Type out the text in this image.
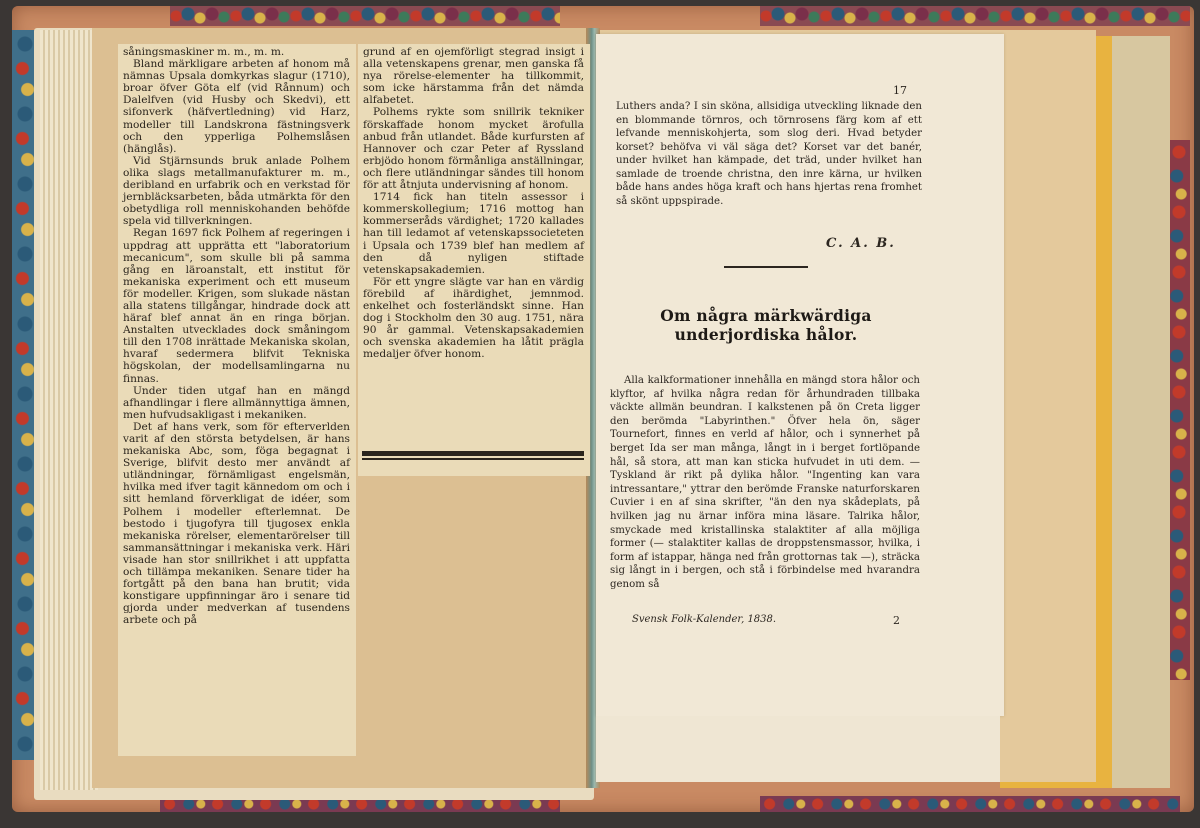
såningsmaskiner m. m., m. m.

Bland märkligare arbeten af honom må nämnas Upsala domkyrkas slagur (1710), broar öfver Göta elf (vid Rånnum) och Dalelfven (vid Husby och Skedvi), ett sifonverk (häfvertledning) vid Harz, modeller till Landskrona fästningsverk och den ypperliga Polhemslåsen (hänglås).

Vid Stjärnsunds bruk anlade Polhem olika slags metallmanufakturer m. m., deribland en urfabrik och en verkstad för jernbläcksarbeten, båda utmärkta för den obetydliga roll menniskohanden behöfde spela vid tillverkningen.

Regan 1697 fick Polhem af regeringen i uppdrag att upprätta ett "laboratorium mecanicum", som skulle bli på samma gång en läroanstalt, ett institut för mekaniska experiment och ett museum för modeller. Krigen, som slukade nästan alla statens tillgångar, hindrade dock att häraf blef annat än en ringa början. Anstalten utvecklades dock småningom till den 1708 inrättade Mekaniska skolan, hvaraf sedermera blifvit Tekniska högskolan, der modellsamlingarna nu finnas.

Under tiden utgaf han en mängd afhandlingar i flere allmännyttiga ämnen, men hufvudsakligast i mekaniken.

Det af hans verk, som för efterverlden varit af den största betydelsen, är hans mekaniska Abc, som, föga begagnat i Sverige, blifvit desto mer användt af utländningar, förnämligast engelsmän, hvilka med ifver tagit kännedom om och i sitt hemland förverkligat de idéer, som Polhem i modeller efterlemnat. De bestodo i tjugofyra till tjugosex enkla mekaniska rörelser, elementarörelser till sammansättningar i mekaniska verk. Häri visade han stor snillrikhet i att uppfatta och tillämpa mekaniken. Senare tider ha fortgått på den bana han brutit; vida konstigare uppfinningar äro i senare tid gjorda under medverkan af tusendens arbete och på

grund af en ojemförligt stegrad insigt i alla vetenskapens grenar, men ganska få nya rörelse-elementer ha tillkommit, som icke härstamma från det nämda alfabetet.

Polhems rykte som snillrik tekniker förskaffade honom mycket ärofulla anbud från utlandet. Både kurfursten af Hannover och czar Peter af Ryssland erbjödo honom förmånliga anställningar, och flere utländningar sändes till honom för att åtnjuta undervisning af honom.

1714 fick han titeln assessor i kommerskollegium; 1716 mottog han kommerseråds värdighet; 1720 kallades han till ledamot af vetenskapssocieteten i Upsala och 1739 blef han medlem af den då nyligen stiftade vetenskapsakademien.

För ett yngre slägte var han en värdig förebild af ihärdighet, jemnmod. enkelhet och fosterländskt sinne. Han dog i Stockholm den 30 aug. 1751, nära 90 år gammal. Vetenskapsakademien och svenska akademien ha låtit prägla medaljer öfver honom.

17

Luthers anda? I sin sköna, allsidiga utveckling liknade den en blommande törnros, och törnrosens färg kom af ett lefvande menniskohjerta, som slog deri. Hvad betyder korset? behöfva vi väl säga det? Korset var det banér, under hvilket han kämpade, det träd, under hvilket han samlade de troende christna, den inre kärna, ur hvilken både hans andes höga kraft och hans hjertas rena fromhet så skönt uppspirade.

C. A. B.
Om några märkwärdiga underjordiska hålor.

Alla kalkformationer innehålla en mängd stora hålor och klyftor, af hvilka några redan för århundraden tillbaka väckte allmän beundran. I kalkstenen på ön Creta ligger den berömda "Labyrinthen." Öfver hela ön, säger Tournefort, finnes en verld af hålor, och i synnerhet på berget Ida ser man många, långt in i berget fortlöpande hål, så stora, att man kan sticka hufvudet in uti dem. — Tyskland är rikt på dylika hålor. "Ingenting kan vara intressantare," yttrar den berömde Franske naturforskaren Cuvier i en af sina skrifter, "än den nya skådeplats, på hvilken jag nu ärnar införa mina läsare. Talrika hålor, smyckade med kristallinska stalaktiter af alla möjliga former (— stalaktiter kallas de droppstensmassor, hvilka, i form af istappar, hänga ned från grottornas tak —), sträcka sig långt in i bergen, och stå i förbindelse med hvarandra genom så

Svensk Folk-Kalender, 1838.	2
